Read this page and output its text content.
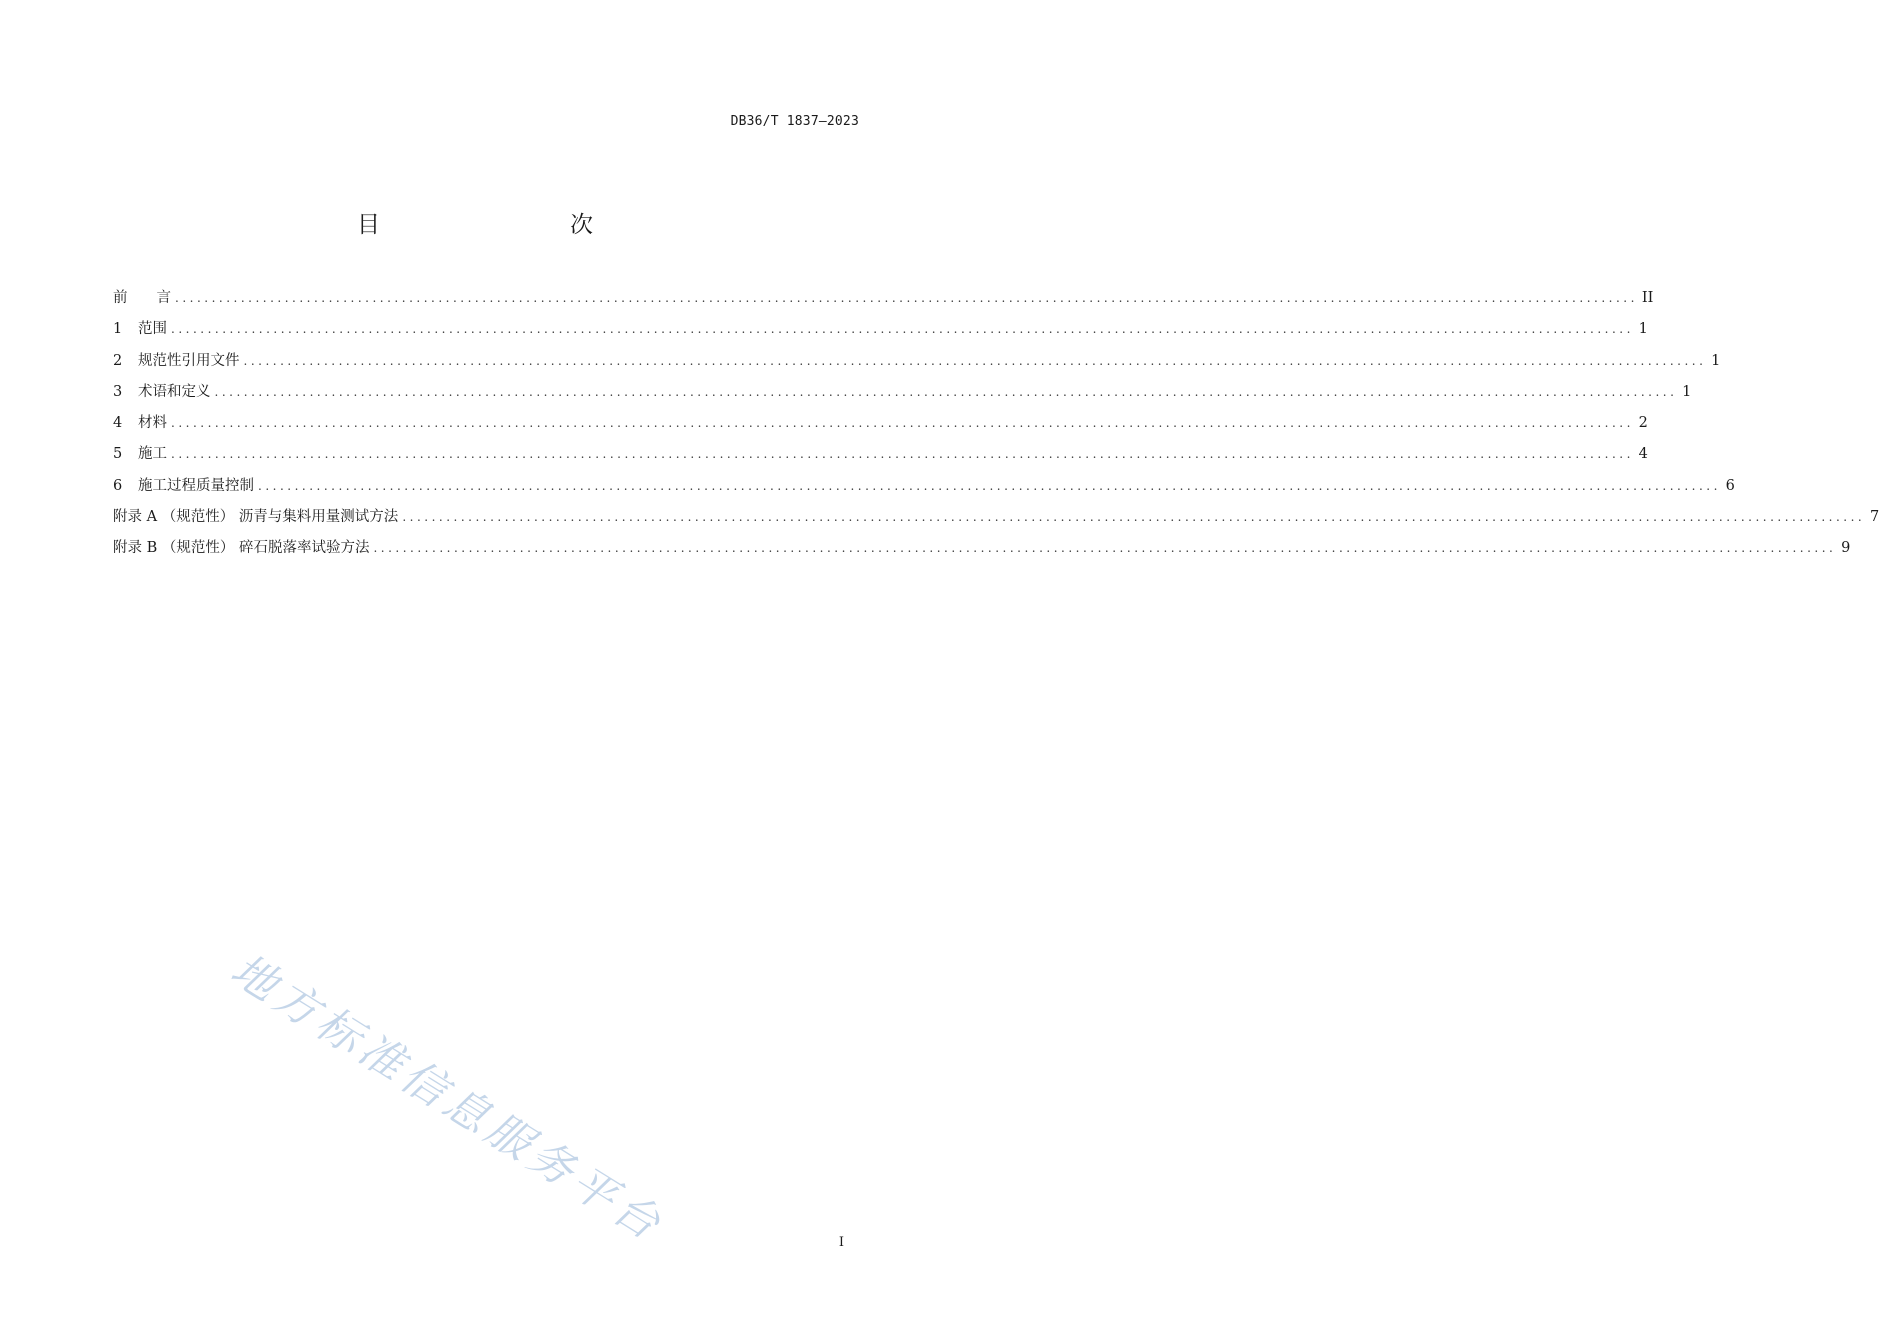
DB36/T 1837—2023
目　　次
前　　言 ........................................................................................................................................................................................................ II
1	范围 ........................................................................................................................................................................................................ 1
2	规范性引用文件 ........................................................................................................................................................................................................ 1
3	术语和定义 ........................................................................................................................................................................................................ 1
4	材料 ........................................................................................................................................................................................................ 2
5	施工 ........................................................................................................................................................................................................ 4
6	施工过程质量控制 ........................................................................................................................................................................................................ 6
附录 A （规范性） 沥青与集料用量测试方法 ........................................................................................................................................................................................................ 7
附录 B （规范性） 碎石脱落率试验方法 ........................................................................................................................................................................................................ 9
地方标准信息服务平台	I
